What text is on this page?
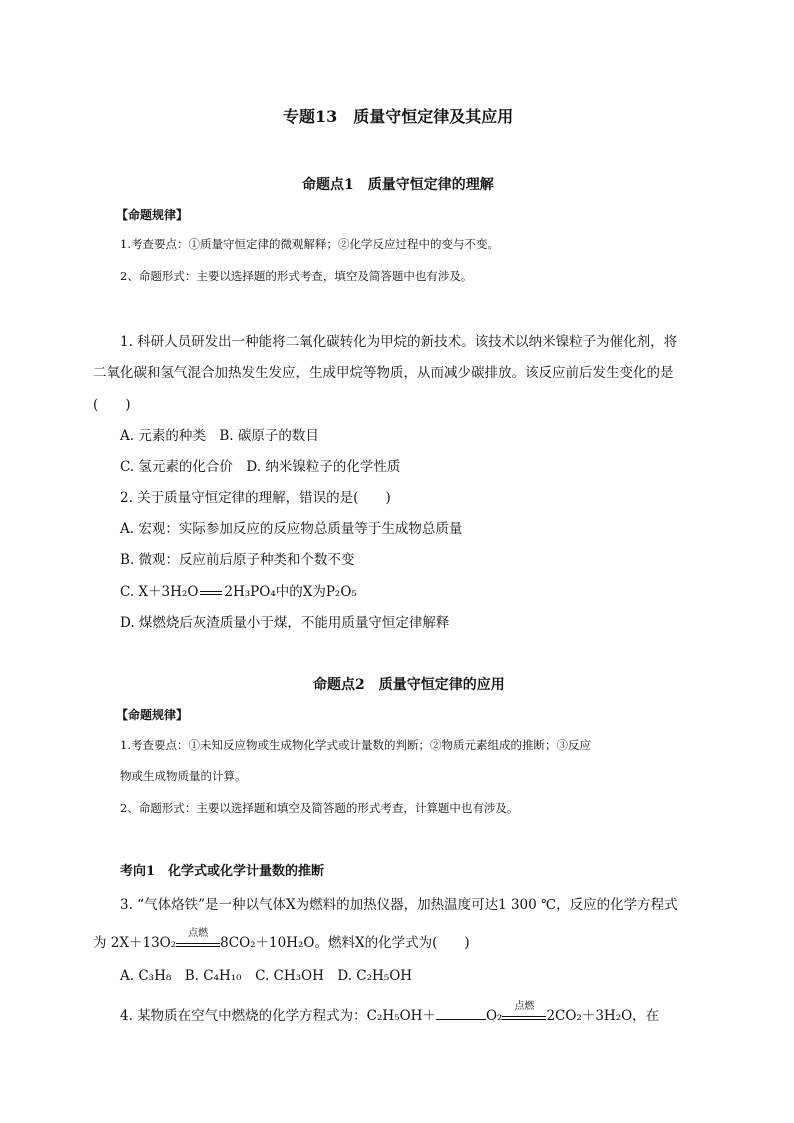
专题13　质量守恒定律及其应用
命题点1　质量守恒定律的理解
【命题规律】
1.考查要点：①质量守恒定律的微观解释；②化学反应过程中的变与不变。
2、命题形式：主要以选择题的形式考查，填空及简答题中也有涉及。
1. 科研人员研发出一种能将二氧化碳转化为甲烷的新技术。该技术以纳米镍粒子为催化剂，将
二氧化碳和氢气混合加热发生发应，生成甲烷等物质，从而减少碳排放。该反应前后发生变化的是
(　　)
A. 元素的种类　B. 碳原子的数目
C. 氢元素的化合价　D. 纳米镍粒子的化学性质
2. 关于质量守恒定律的理解，错误的是(　　)
A. 宏观：实际参加反应的反应物总质量等于生成物总质量
B. 微观：反应前后原子种类和个数不变
C. X＋3H₂O 2H₃PO₄中的X为P₂O₅
D. 煤燃烧后灰渣质量小于煤，不能用质量守恒定律解释
命题点2　质量守恒定律的应用
【命题规律】
1.考查要点：①未知反应物或生成物化学式或计量数的判断；②物质元素组成的推断；③反应
物或生成物质量的计算。
2、命题形式：主要以选择题和填空及简答题的形式考查，计算题中也有涉及。
考向1　化学式或化学计量数的推断
3. “气体烙铁”是一种以气体X为燃料的加热仪器，加热温度可达1 300 ℃，反应的化学方程式
为 2X＋13O₂
点燃
8CO₂＋10H₂O。燃料X的化学式为(　　)
A. C₃H₈　B. C₄H₁₀　C. CH₃OH　D. C₂H₅OH
4. 某物质在空气中燃烧的化学方程式为：C₂H₅OH＋	O₂
点燃
2CO₂＋3H₂O，在
